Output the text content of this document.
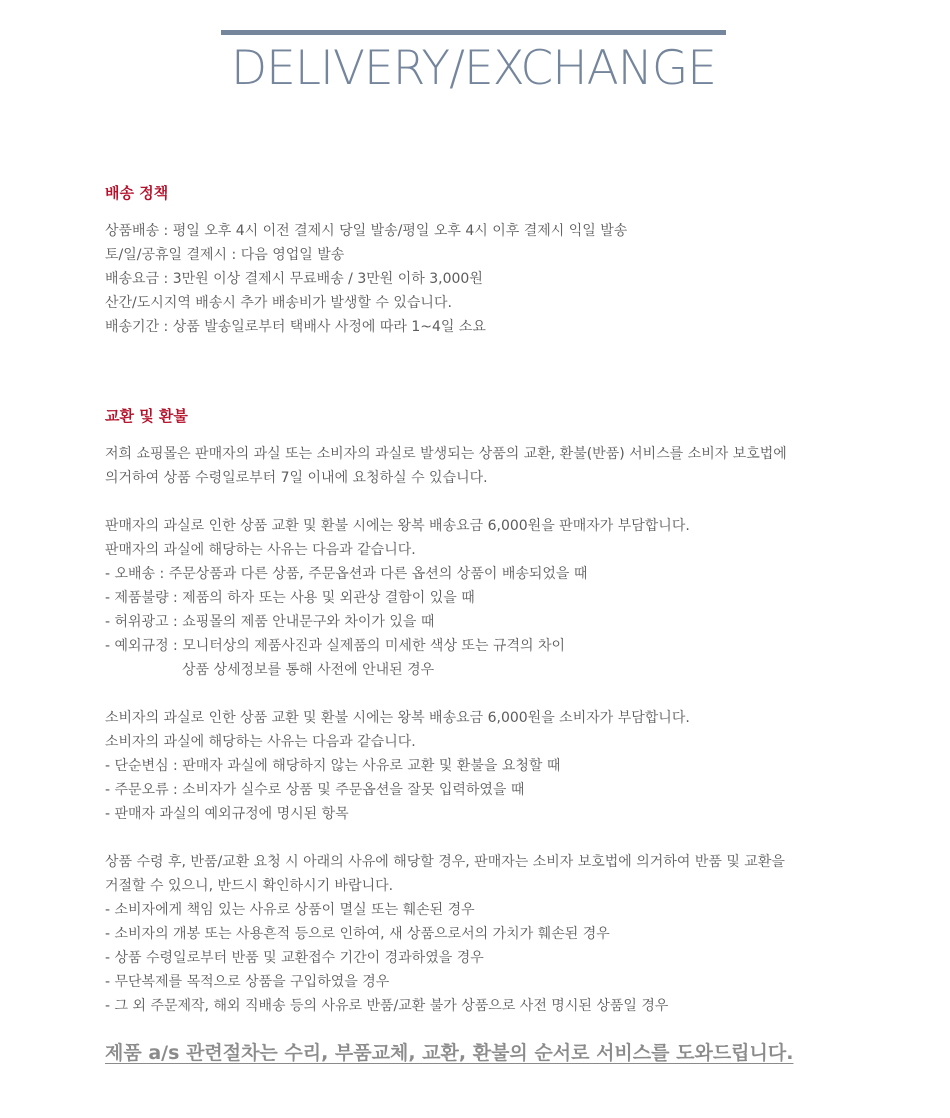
DELIVERY/EXCHANGE
배송 정책
상품배송 : 평일 오후 4시 이전 결제시 당일 발송/평일 오후 4시 이후 결제시 익일 발송
토/일/공휴일 결제시 : 다음 영업일 발송
배송요금 : 3만원 이상 결제시 무료배송 / 3만원 이하 3,000원
산간/도시지역 배송시 추가 배송비가 발생할 수 있습니다.
배송기간 : 상품 발송일로부터 택배사 사정에 따라 1~4일 소요
교환 및 환불
저희 쇼핑몰은 판매자의 과실 또는 소비자의 과실로 발생되는 상품의 교환, 환불(반품) 서비스를 소비자 보호법에
의거하여 상품 수령일로부터 7일 이내에 요청하실 수 있습니다.
판매자의 과실로 인한 상품 교환 및 환불 시에는 왕복 배송요금 6,000원을 판매자가 부담합니다.
판매자의 과실에 해당하는 사유는 다음과 같습니다.
- 오배송 : 주문상품과 다른 상품, 주문옵션과 다른 옵션의 상품이 배송되었을 때
- 제품불량 : 제품의 하자 또는 사용 및 외관상 결함이 있을 때
- 허위광고 : 쇼핑몰의 제품 안내문구와 차이가 있을 때
- 예외규정 : 모니터상의 제품사진과 실제품의 미세한 색상 또는 규격의 차이
상품 상세정보를 통해 사전에 안내된 경우
소비자의 과실로 인한 상품 교환 및 환불 시에는 왕복 배송요금 6,000원을 소비자가 부담합니다.
소비자의 과실에 해당하는 사유는 다음과 같습니다.
- 단순변심 : 판매자 과실에 해당하지 않는 사유로 교환 및 환불을 요청할 때
- 주문오류 : 소비자가 실수로 상품 및 주문옵션을 잘못 입력하였을 때
- 판매자 과실의 예외규정에 명시된 항목
상품 수령 후, 반품/교환 요청 시 아래의 사유에 해당할 경우, 판매자는 소비자 보호법에 의거하여 반품 및 교환을
거절할 수 있으니, 반드시 확인하시기 바랍니다.
- 소비자에게 책임 있는 사유로 상품이 멸실 또는 훼손된 경우
- 소비자의 개봉 또는 사용흔적 등으로 인하여, 새 상품으로서의 가치가 훼손된 경우
- 상품 수령일로부터 반품 및 교환접수 기간이 경과하였을 경우
- 무단복제를 목적으로 상품을 구입하였을 경우
- 그 외 주문제작, 해외 직배송 등의 사유로 반품/교환 불가 상품으로 사전 명시된 상품일 경우
제품 a/s 관련절차는 수리, 부품교체, 교환, 환불의 순서로 서비스를 도와드립니다.
